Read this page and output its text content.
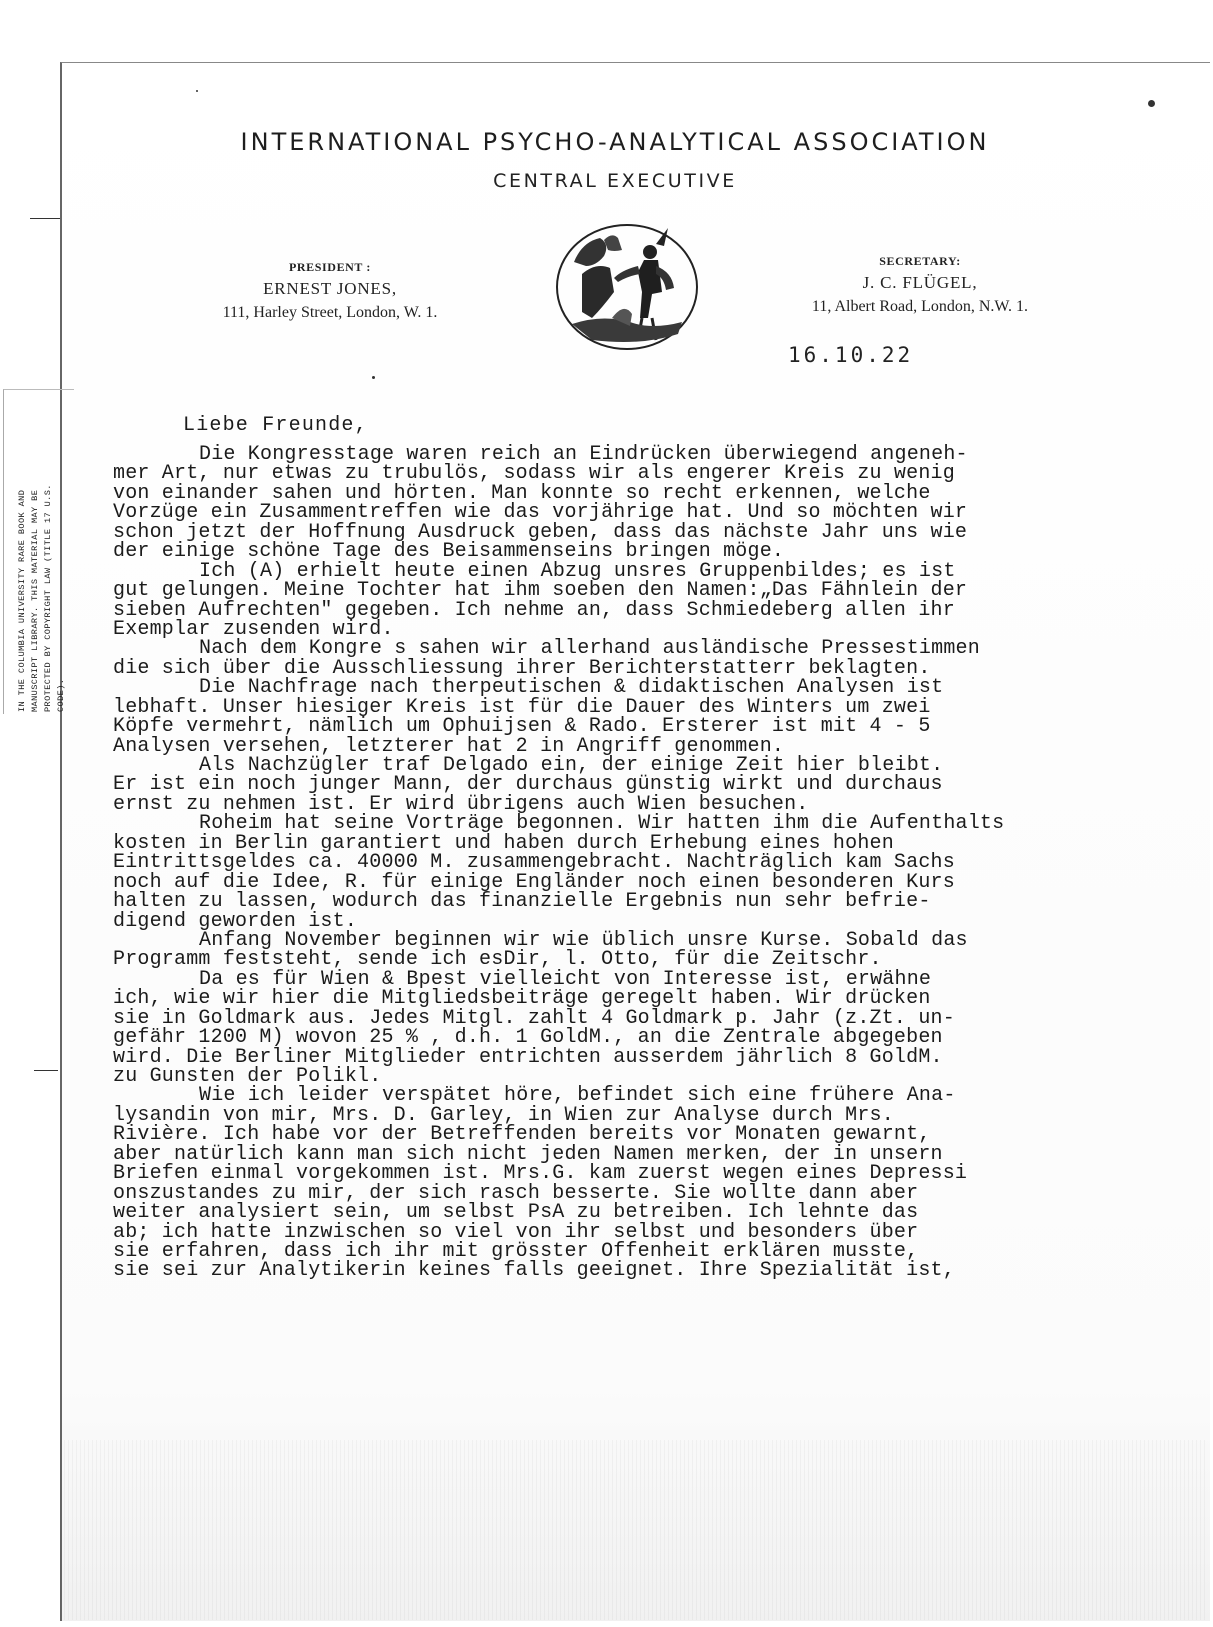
IN THE COLUMBIA UNIVERSITY RARE BOOK AND MANUSCRIPT LIBRARY. THIS MATERIAL MAY BE PROTECTED BY COPYRIGHT LAW (TITLE 17 U.S. CODE).
INTERNATIONAL PSYCHO-ANALYTICAL ASSOCIATION
CENTRAL EXECUTIVE
PRESIDENT :
ERNEST JONES,
111, Harley Street, London, W. 1.
SECRETARY:
J. C. FLÜGEL,
11, Albert Road, London, N.W. 1.
16.10.22
Liebe Freunde,
Die Kongresstage waren reich an Eindrücken überwiegend angeneh-
mer Art, nur etwas zu trubulös, sodass wir als engerer Kreis zu wenig
von einander sahen und hörten. Man konnte so recht erkennen, welche
Vorzüge ein Zusammentreffen wie das vorjährige hat. Und so möchten wir
schon jetzt der Hoffnung Ausdruck geben, dass das nächste Jahr uns wie
der einige schöne Tage des Beisammenseins bringen möge.
Ich (A) erhielt heute einen Abzug unsres Gruppenbildes; es ist
gut gelungen. Meine Tochter hat ihm soeben den Namen:„Das Fähnlein der
sieben Aufrechten" gegeben. Ich nehme an, dass Schmiedeberg allen ihr
Exemplar zusenden wird.
Nach dem Kongre s sahen wir allerhand ausländische Pressestimmen
die sich über die Ausschliessung ihrer Berichterstatterr beklagten.
Die Nachfrage nach therpeutischen & didaktischen Analysen ist
lebhaft. Unser hiesiger Kreis ist für die Dauer des Winters um zwei
Köpfe vermehrt, nämlich um Ophuijsen & Rado. Ersterer ist mit 4 - 5
Analysen versehen, letzterer hat 2 in Angriff genommen.
Als Nachzügler traf Delgado ein, der einige Zeit hier bleibt.
Er ist ein noch junger Mann, der durchaus günstig wirkt und durchaus
ernst zu nehmen ist. Er wird übrigens auch Wien besuchen.
Roheim hat seine Vorträge begonnen. Wir hatten ihm die Aufenthalts
kosten in Berlin garantiert und haben durch Erhebung eines hohen
Eintrittsgeldes ca. 40000 M. zusammengebracht. Nachträglich kam Sachs
noch auf die Idee, R. für einige Engländer noch einen besonderen Kurs
halten zu lassen, wodurch das finanzielle Ergebnis nun sehr befrie-
digend geworden ist.
Anfang November beginnen wir wie üblich unsre Kurse. Sobald das
Programm feststeht, sende ich esDir, l. Otto, für die Zeitschr.
Da es für Wien & Bpest vielleicht von Interesse ist, erwähne
ich, wie wir hier die Mitgliedsbeiträge geregelt haben. Wir drücken
sie in Goldmark aus. Jedes Mitgl. zahlt 4 Goldmark p. Jahr (z.Zt. un-
gefähr 1200 M) wovon 25 % , d.h. 1 GoldM., an die Zentrale abgegeben
wird. Die Berliner Mitglieder entrichten ausserdem jährlich 8 GoldM.
zu Gunsten der Polikl.
Wie ich leider verspätet höre, befindet sich eine frühere Ana-
lysandin von mir, Mrs. D. Garley, in Wien zur Analyse durch Mrs.
Rivière. Ich habe vor der Betreffenden bereits vor Monaten gewarnt,
aber natürlich kann man sich nicht jeden Namen merken, der in unsern
Briefen einmal vorgekommen ist. Mrs.G. kam zuerst wegen eines Depressi
onszustandes zu mir, der sich rasch besserte. Sie wollte dann aber
weiter analysiert sein, um selbst PsA zu betreiben. Ich lehnte das
ab; ich hatte inzwischen so viel von ihr selbst und besonders über
sie erfahren, dass ich ihr mit grösster Offenheit erklären musste,
sie sei zur Analytikerin keines falls geeignet. Ihre Spezialität ist,
